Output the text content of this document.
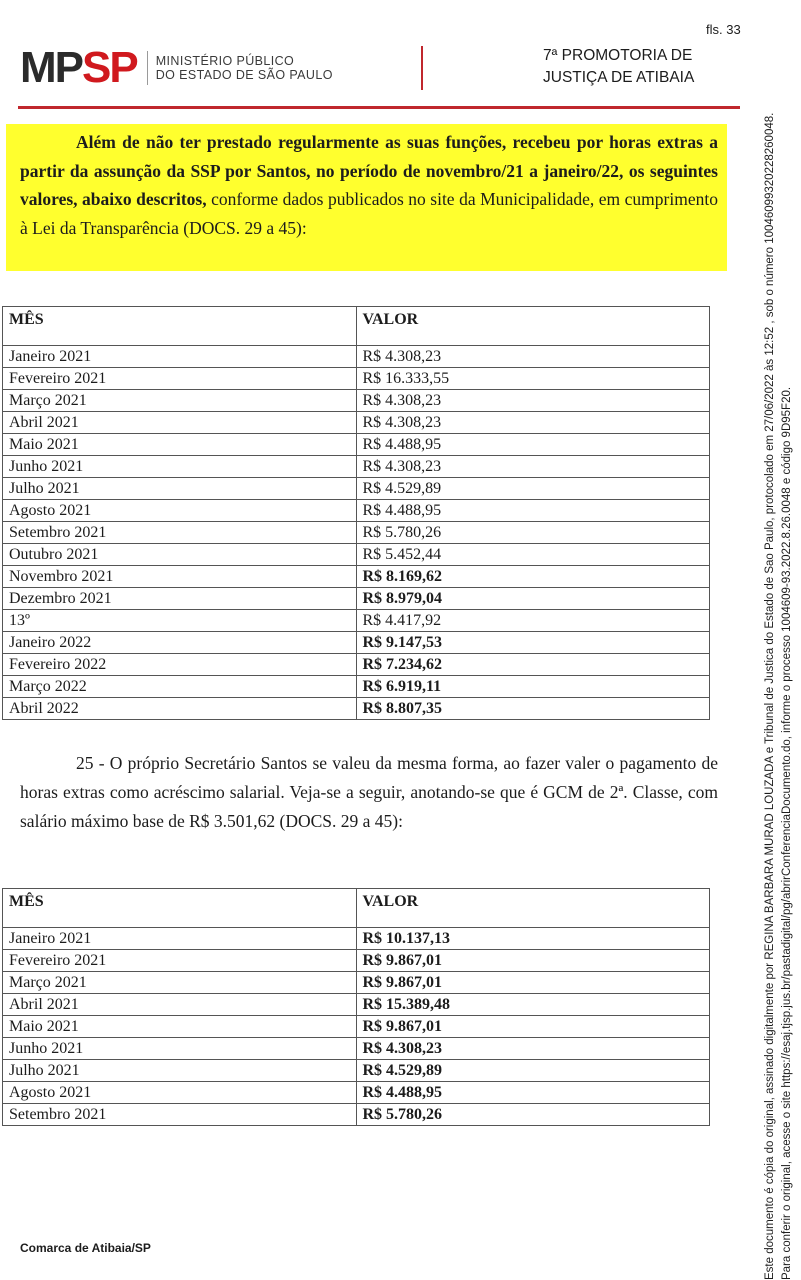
fls. 33
MP SP MINISTÉRIO PÚBLICO
DO ESTADO DE SÃO PAULO
7ª PROMOTORIA DE
JUSTIÇA DE ATIBAIA
Além de não ter prestado regularmente as suas funções, recebeu por horas extras a partir da assunção da SSP por Santos, no período de novembro/21 a janeiro/22, os seguintes valores, abaixo descritos, conforme dados publicados no site da Municipalidade, em cumprimento à Lei da Transparência (DOCS. 29 a 45):
MÊS	VALOR
Janeiro 2021	R$ 4.308,23
Fevereiro 2021	R$ 16.333,55
Março 2021	R$ 4.308,23
Abril 2021	R$ 4.308,23
Maio 2021	R$ 4.488,95
Junho 2021	R$ 4.308,23
Julho 2021	R$ 4.529,89
Agosto 2021	R$ 4.488,95
Setembro 2021	R$ 5.780,26
Outubro 2021	R$ 5.452,44
Novembro 2021	R$ 8.169,62
Dezembro 2021	R$ 8.979,04
13º	R$ 4.417,92
Janeiro 2022	R$ 9.147,53
Fevereiro 2022	R$ 7.234,62
Março 2022	R$ 6.919,11
Abril 2022	R$ 8.807,35
25 - O próprio Secretário Santos se valeu da mesma forma, ao fazer valer o pagamento de horas extras como acréscimo salarial. Veja-se a seguir, anotando-se que é GCM de 2ª. Classe, com salário máximo base de R$ 3.501,62 (DOCS. 29 a 45):
MÊS	VALOR
Janeiro 2021	R$ 10.137,13
Fevereiro 2021	R$ 9.867,01
Março 2021	R$ 9.867,01
Abril 2021	R$ 15.389,48
Maio 2021	R$ 9.867,01
Junho 2021	R$ 4.308,23
Julho 2021	R$ 4.529,89
Agosto 2021	R$ 4.488,95
Setembro 2021	R$ 5.780,26
Comarca de Atibaia/SP	Este documento é cópia do original, assinado digitalmente por REGINA BARBARA MURAD LOUZADA e Tribunal de Justica do Estado de Sao Paulo, protocolado em 27/06/2022 às 12:52 , sob o número 10046099320228260048. Para conferir o original, acesse o site https://esaj.tjsp.jus.br/pastadigital/pg/abrirConferenciaDocumento.do, informe o processo 1004609-93.2022.8.26.0048 e código 9D95F20.
